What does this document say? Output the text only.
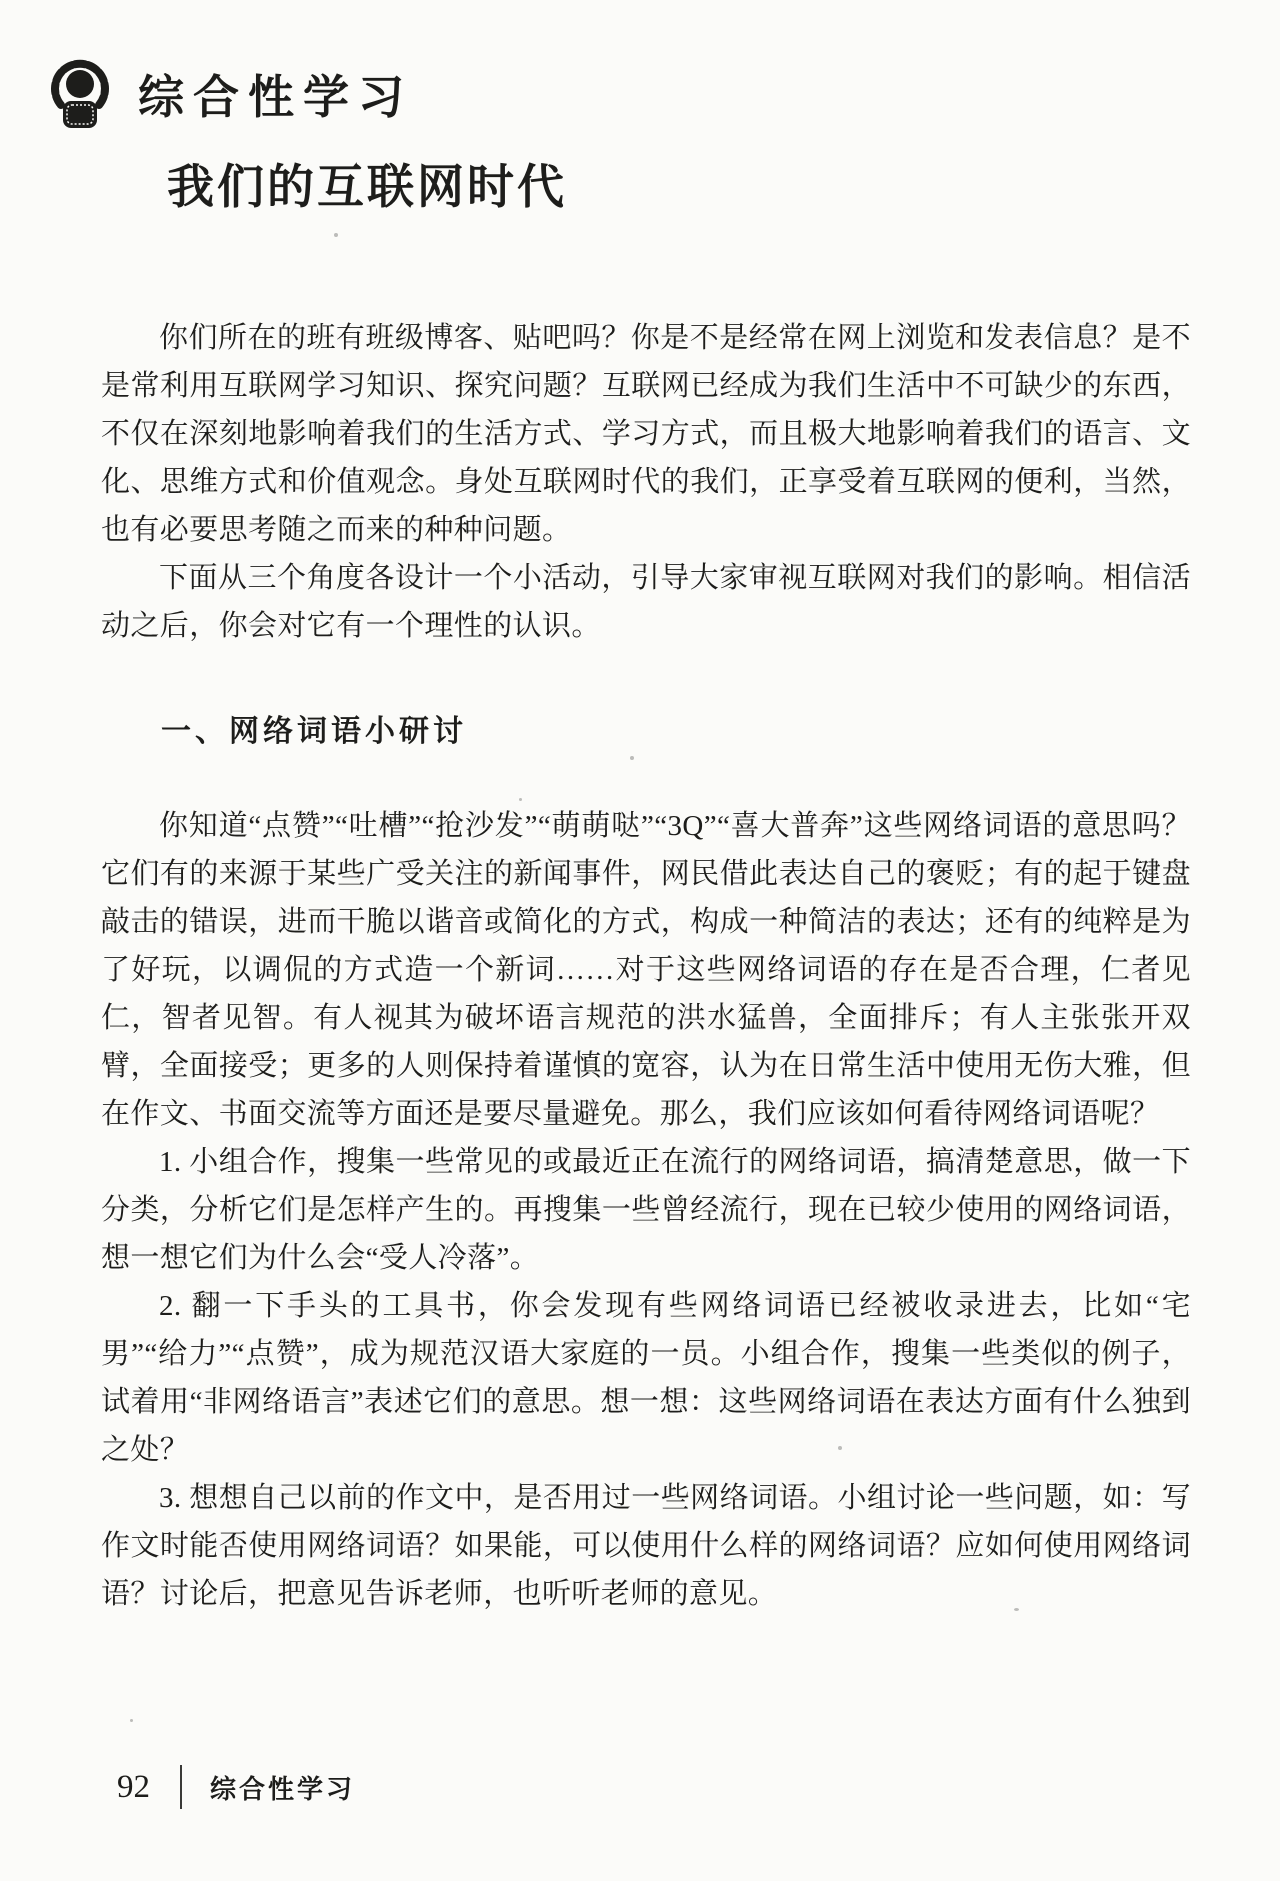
综合性学习
我们的互联网时代

你们所在的班有班级博客、贴吧吗？你是不是经常在网上浏览和发表信息？是不是常利用互联网学习知识、探究问题？互联网已经成为我们生活中不可缺少的东西，不仅在深刻地影响着我们的生活方式、学习方式，而且极大地影响着我们的语言、文化、思维方式和价值观念。身处互联网时代的我们，正享受着互联网的便利，当然，也有必要思考随之而来的种种问题。

下面从三个角度各设计一个小活动，引导大家审视互联网对我们的影响。相信活动之后，你会对它有一个理性的认识。

一、网络词语小研讨

你知道“点赞”“吐槽”“抢沙发”“萌萌哒”“3Q”“喜大普奔”这些网络词语的意思吗？它们有的来源于某些广受关注的新闻事件，网民借此表达自己的褒贬；有的起于键盘敲击的错误，进而干脆以谐音或简化的方式，构成一种简洁的表达；还有的纯粹是为了好玩，以调侃的方式造一个新词……对于这些网络词语的存在是否合理，仁者见仁，智者见智。有人视其为破坏语言规范的洪水猛兽，全面排斥；有人主张张开双臂，全面接受；更多的人则保持着谨慎的宽容，认为在日常生活中使用无伤大雅，但在作文、书面交流等方面还是要尽量避免。那么，我们应该如何看待网络词语呢？

1. 小组合作，搜集一些常见的或最近正在流行的网络词语，搞清楚意思，做一下分类，分析它们是怎样产生的。再搜集一些曾经流行，现在已较少使用的网络词语，想一想它们为什么会“受人冷落”。

2. 翻一下手头的工具书，你会发现有些网络词语已经被收录进去，比如“宅男”“给力”“点赞”，成为规范汉语大家庭的一员。小组合作，搜集一些类似的例子，试着用“非网络语言”表述它们的意思。想一想：这些网络词语在表达方面有什么独到之处？

3. 想想自己以前的作文中，是否用过一些网络词语。小组讨论一些问题，如：写作文时能否使用网络词语？如果能，可以使用什么样的网络词语？应如何使用网络词语？讨论后，把意见告诉老师，也听听老师的意见。

92 综合性学习
